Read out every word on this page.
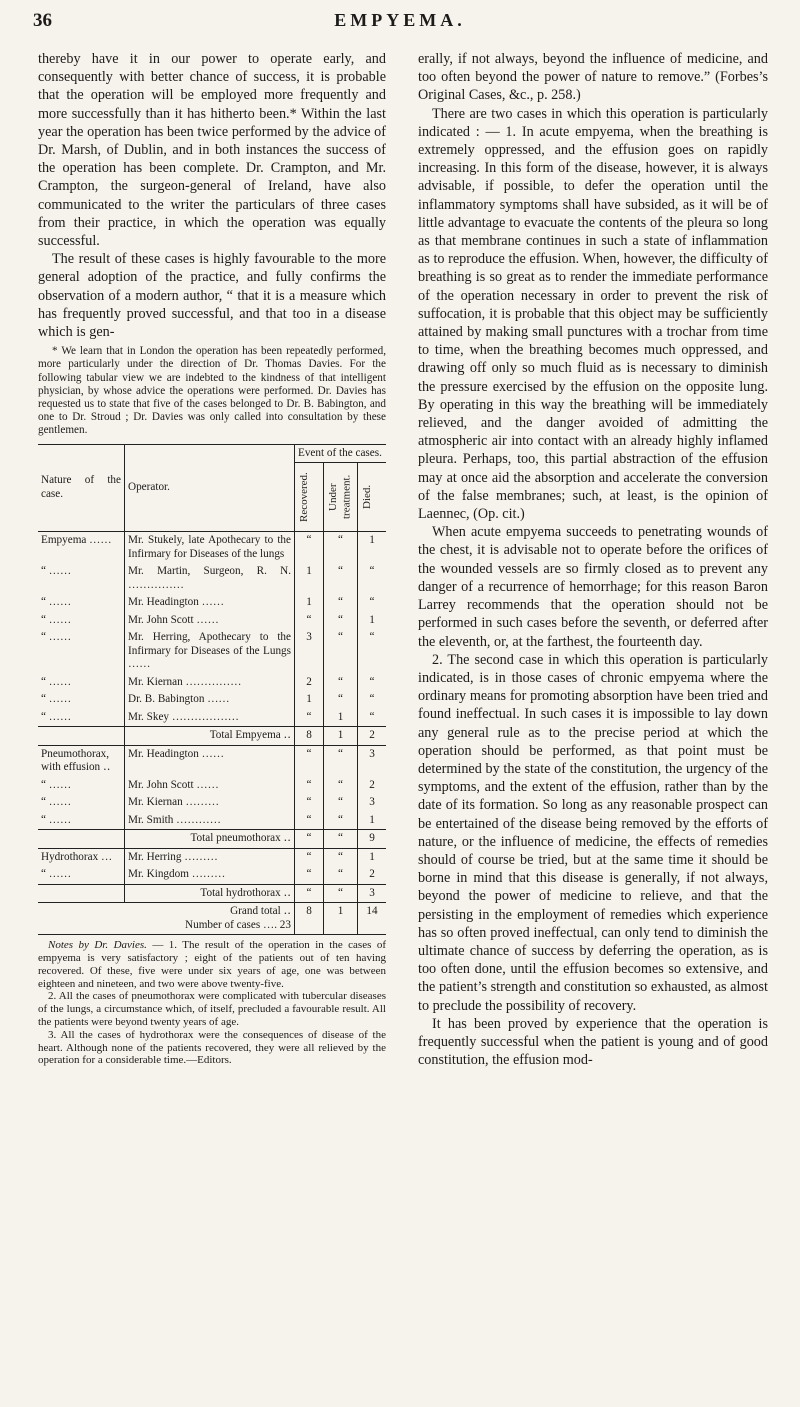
36	EMPYEMA.

thereby have it in our power to operate early, and consequently with better chance of success, it is probable that the operation will be employed more frequently and more successfully than it has hitherto been.* Within the last year the operation has been twice performed by the advice of Dr. Marsh, of Dublin, and in both instances the success of the operation has been complete. Dr. Crampton, and Mr. Crampton, the surgeon-general of Ireland, have also communicated to the writer the particulars of three cases from their practice, in which the operation was equally successful.

The result of these cases is highly favourable to the more general adoption of the practice, and fully confirms the observation of a modern author, “ that it is a measure which has frequently proved successful, and that too in a disease which is gen-

* We learn that in London the operation has been repeatedly performed, more particularly under the direction of Dr. Thomas Davies. For the following tabular view we are indebted to the kindness of that intelligent physician, by whose advice the operations were performed. Dr. Davies has requested us to state that five of the cases belonged to Dr. B. Babington, and one to Dr. Stroud ; Dr. Davies was only called into consultation by these gentlemen.

Nature of the case.	Operator.	Event of the cases.		

		Recovered.	Under treatment.	Died.

Empyema ……	Mr. Stukely, late Apothecary to the Infirmary for Diseases of the lungs	“	“	1
“ ……	Mr. Martin, Surgeon, R. N. ……………	1	“	“
“ ……	Mr. Headington ……	1	“	“
“ ……	Mr. John Scott ……	“	“	1
“ ……	Mr. Herring, Apothecary to the Infirmary for Diseases of the Lungs ……	3	“	“
“ ……	Mr. Kiernan ……………	2	“	“
“ ……	Dr. B. Babington ……	1	“	“
“ ……	Mr. Skey ………………	“	1	“
	Total Empyema ‥	8	1	2
Pneumothorax, with effusion ‥	Mr. Headington ……	“	“	3
“ ……	Mr. John Scott ……	“	“	2
“ ……	Mr. Kiernan ………	“	“	3
“ ……	Mr. Smith …………	“	“	1
	Total pneumothorax ‥	“	“	9
Hydrothorax …	Mr. Herring ………	“	“	1
“ ……	Mr. Kingdom ………	“	“	2
	Total hydrothorax ‥	“	“	3
Grand total ‥
Number of cases …. 23		8	1	14

Notes by Dr. Davies. — 1. The result of the operation in the cases of empyema is very satisfactory ; eight of the patients out of ten having recovered. Of these, five were under six years of age, one was between eighteen and nineteen, and two were above twenty-five.

2. All the cases of pneumothorax were complicated with tubercular diseases of the lungs, a circumstance which, of itself, precluded a favourable result. All the patients were beyond twenty years of age.

3. All the cases of hydrothorax were the consequences of disease of the heart. Although none of the patients recovered, they were all relieved by the operation for a considerable time.—Editors.

erally, if not always, beyond the influence of medicine, and too often beyond the power of nature to remove.” (Forbes’s Original Cases, &c., p. 258.)

There are two cases in which this operation is particularly indicated : — 1. In acute empyema, when the breathing is extremely oppressed, and the effusion goes on rapidly increasing. In this form of the disease, however, it is always advisable, if possible, to defer the operation until the inflammatory symptoms shall have subsided, as it will be of little advantage to evacuate the contents of the pleura so long as that membrane continues in such a state of inflammation as to reproduce the effusion. When, however, the difficulty of breathing is so great as to render the immediate performance of the operation necessary in order to prevent the risk of suffocation, it is probable that this object may be sufficiently attained by making small punctures with a trochar from time to time, when the breathing becomes much oppressed, and drawing off only so much fluid as is necessary to diminish the pressure exercised by the effusion on the opposite lung. By operating in this way the breathing will be immediately relieved, and the danger avoided of admitting the atmospheric air into contact with an already highly inflamed pleura. Perhaps, too, this partial abstraction of the effusion may at once aid the absorption and accelerate the conversion of the false membranes; such, at least, is the opinion of Laennec, (Op. cit.)

When acute empyema succeeds to penetrating wounds of the chest, it is advisable not to operate before the orifices of the wounded vessels are so firmly closed as to prevent any danger of a recurrence of hemorrhage; for this reason Baron Larrey recommends that the operation should not be performed in such cases before the seventh, or deferred after the eleventh, or, at the farthest, the fourteenth day.

2. The second case in which this operation is particularly indicated, is in those cases of chronic empyema where the ordinary means for promoting absorption have been tried and found ineffectual. In such cases it is impossible to lay down any general rule as to the precise period at which the operation should be performed, as that point must be determined by the state of the constitution, the urgency of the symptoms, and the extent of the effusion, rather than by the date of its formation. So long as any reasonable prospect can be entertained of the disease being removed by the efforts of nature, or the influence of medicine, the effects of remedies should of course be tried, but at the same time it should be borne in mind that this disease is generally, if not always, beyond the power of medicine to relieve, and that the persisting in the employment of remedies which experience has so often proved ineffectual, can only tend to diminish the ultimate chance of success by deferring the operation, as is too often done, until the effusion becomes so extensive, and the patient’s strength and constitution so exhausted, as almost to preclude the possibility of recovery.

It has been proved by experience that the operation is frequently successful when the patient is young and of good constitution, the effusion mod-
